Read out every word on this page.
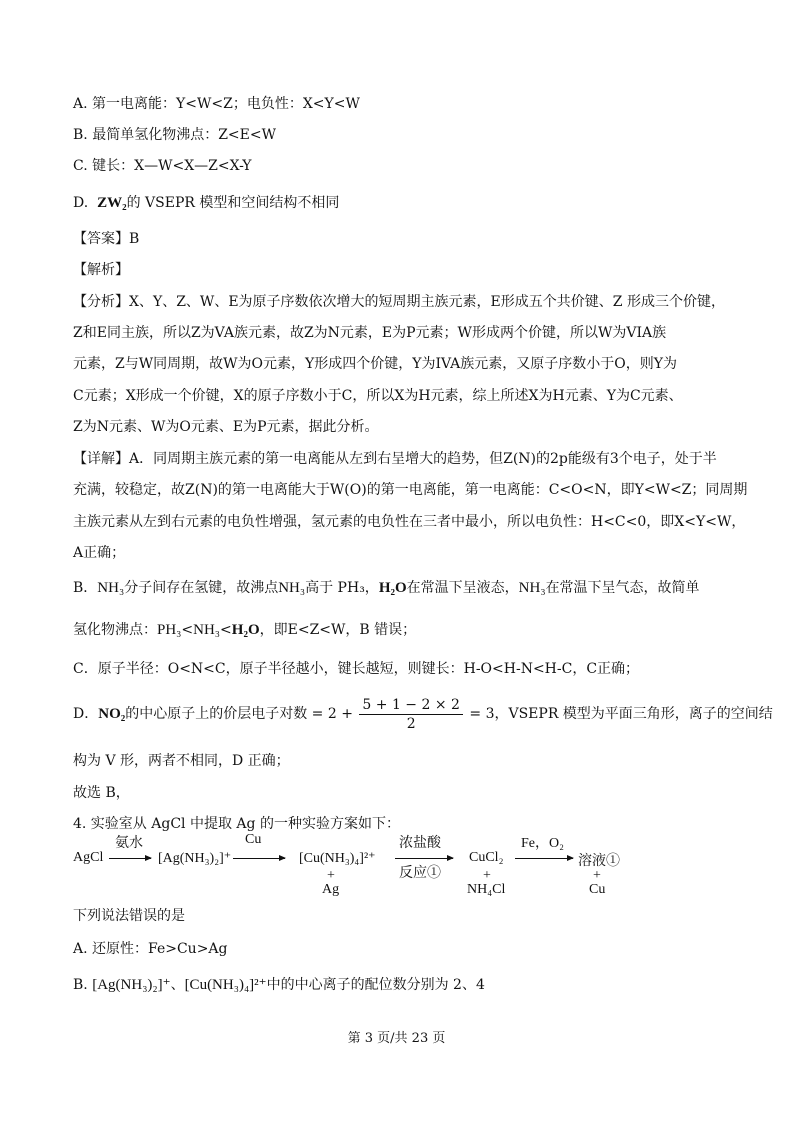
A. 第一电离能：Y<W<Z；电负性：X<Y<W
B. 最简单氢化物沸点：Z<E<W
C. 键长：X—W<X—Z<X-Y
D.  ZW₂的 VSEPR 模型和空间结构不相同
【答案】B
【解析】
【分析】X、Y、Z、W、E为原子序数依次增大的短周期主族元素，E形成五个共价键、Z 形成三个价键，
Z和E同主族，所以Z为VA族元素，故Z为N元素，E为P元素；W形成两个价键，所以W为VIA族
元素，Z与W同周期，故W为O元素，Y形成四个价键，Y为IVA族元素，又原子序数小于O，则Y为
C元素；X形成一个价键，X的原子序数小于C，所以X为H元素，综上所述X为H元素、Y为C元素、
Z为N元素、W为O元素、E为P元素，据此分析。
【详解】A．同周期主族元素的第一电离能从左到右呈增大的趋势，但Z(N)的2p能级有3个电子，处于半
充满，较稳定，故Z(N)的第一电离能大于W(O)的第一电离能，第一电离能：C<O<N，即Y<W<Z；同周期
主族元素从左到右元素的电负性增强，氢元素的电负性在三者中最小，所以电负性：H<C<0，即X<Y<W，
A正确；
B．NH₃分子间存在氢键，故沸点NH₃高于 PH₃，H₂O在常温下呈液态，NH₃在常温下呈气态，故简单
氢化物沸点：PH₃<NH₃<H₂O，即E<Z<W，B 错误；
C．原子半径：O<N<C，原子半径越小，键长越短，则键长：H-O<H-N<H-C，C正确；
D．NO₂的中心原子上的价层电子对数 = $2 + \frac{5 + 1 - 2 \times 2}{2} = 3$，VSEPR 模型为平面三角形，离子的空间结
构为 V 形，两者不相同，D 正确；
故选 B，
4. 实验室从 AgCl 中提取 Ag 的一种实验方案如下：
AgCl
氨水
[Ag(NH₃)₂]⁺
Cu
[Cu(NH₃)₄]²⁺
+
Ag
浓盐酸
反应①
CuCl₂
+
NH₄Cl
Fe，O₂
溶液①
+
Cu
下列说法错误的是
A. 还原性：Fe>Cu>Ag
B. [Ag(NH₃)₂]⁺、[Cu(NH₃)₄]²⁺中的中心离子的配位数分别为 2、4
第 3 页/共 23 页
